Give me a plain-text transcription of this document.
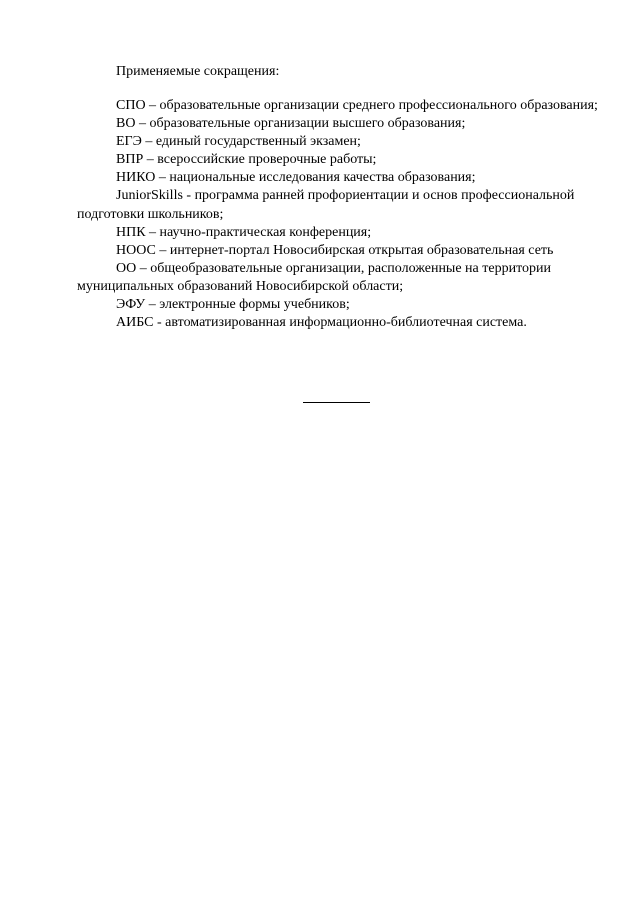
Применяемые сокращения:

СПО – образовательные организации среднего профессионального образования;

ВО – образовательные организации высшего образования;

ЕГЭ – единый государственный экзамен;

ВПР – всероссийские проверочные работы;

НИКО – национальные исследования качества образования;

JuniorSkills - программа ранней профориентации и основ профессиональной подготовки школьников;

НПК – научно-практическая конференция;

НООС – интернет-портал Новосибирская открытая образовательная сеть

ОО – общеобразовательные организации, расположенные на территории муниципальных образований Новосибирской области;

ЭФУ – электронные формы учебников;

АИБС - автоматизированная информационно-библиотечная система.
